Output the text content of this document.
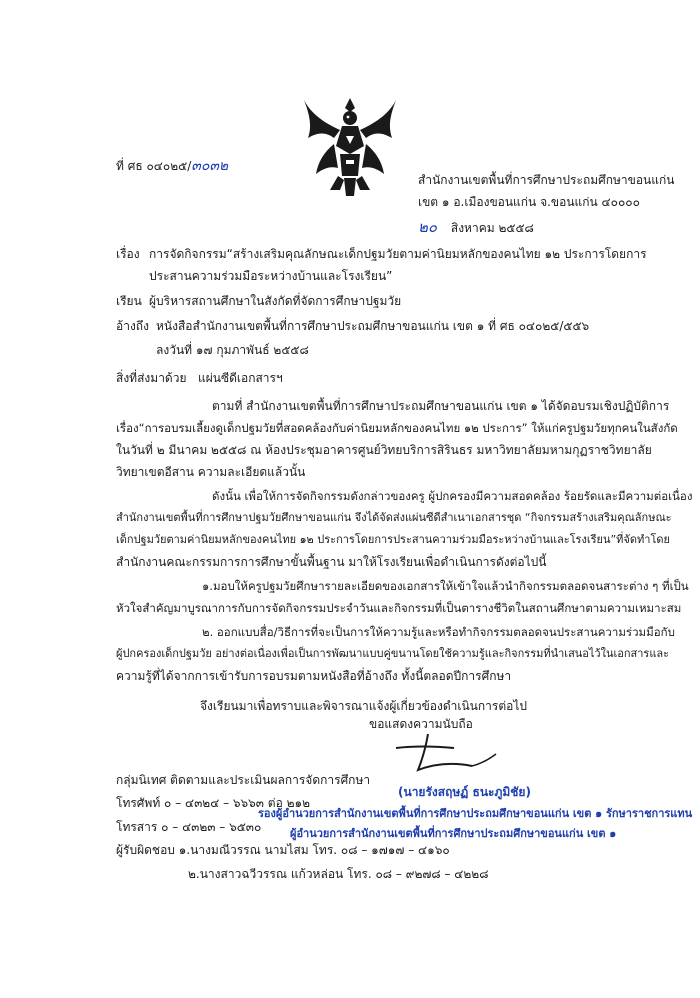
ที่ ศธ ๐๔๐๒๕/๓๐๓๒
สำนักงานเขตพื้นที่การศึกษาประถมศึกษาขอนแก่น
เขต ๑ อ.เมืองขอนแก่น จ.ขอนแก่น ๔๐๐๐๐
๒๐ สิงหาคม ๒๕๕๘
เรื่อง การจัดกิจกรรม“สร้างเสริมคุณลักษณะเด็กปฐมวัยตามค่านิยมหลักของคนไทย ๑๒ ประการโดยการ
ประสานความร่วมมือระหว่างบ้านและโรงเรียน”
เรียน ผู้บริหารสถานศึกษาในสังกัดที่จัดการศึกษาปฐมวัย
อ้างถึง หนังสือสำนักงานเขตพื้นที่การศึกษาประถมศึกษาขอนแก่น เขต ๑ ที่ ศธ ๐๔๐๒๕/๕๕๖
ลงวันที่ ๑๗ กุมภาพันธ์ ๒๕๕๘
สิ่งที่ส่งมาด้วย แผ่นซีดีเอกสารฯ
ตามที่ สำนักงานเขตพื้นที่การศึกษาประถมศึกษาขอนแก่น เขต ๑ ได้จัดอบรมเชิงปฏิบัติการ
เรื่อง“การอบรมเลี้ยงดูเด็กปฐมวัยที่สอดคล้องกับค่านิยมหลักของคนไทย ๑๒ ประการ” ให้แก่ครูปฐมวัยทุกคนในสังกัด
ในวันที่ ๒ มีนาคม ๒๕๕๘ ณ ห้องประชุมอาคารศูนย์วิทยบริการสิรินธร มหาวิทยาลัยมหามกุฏราชวิทยาลัย
วิทยาเขตอีสาน ความละเอียดแล้วนั้น
ดังนั้น เพื่อให้การจัดกิจกรรมดังกล่าวของครู ผู้ปกครองมีความสอดคล้อง ร้อยรัดและมีความต่อเนื่อง
สำนักงานเขตพื้นที่การศึกษาปฐมวัยศึกษาขอนแก่น จึงได้จัดส่งแผ่นซีดีสำเนาเอกสารชุด “กิจกรรมสร้างเสริมคุณลักษณะ
เด็กปฐมวัยตามค่านิยมหลักของคนไทย ๑๒ ประการโดยการประสานความร่วมมือระหว่างบ้านและโรงเรียน”ที่จัดทำโดย
สำนักงานคณะกรรมการการศึกษาขั้นพื้นฐาน มาให้โรงเรียนเพื่อดำเนินการดังต่อไปนี้
๑.มอบให้ครูปฐมวัยศึกษารายละเอียดของเอกสารให้เข้าใจแล้วนำกิจกรรมตลอดจนสาระต่าง ๆ ที่เป็น
หัวใจสำคัญมาบูรณาการกับการจัดกิจกรรมประจำวันและกิจกรรมที่เป็นตารางชีวิตในสถานศึกษาตามความเหมาะสม
๒. ออกแบบสื่อ/วิธีการที่จะเป็นการให้ความรู้และหรือทำกิจกรรมตลอดจนประสานความร่วมมือกับ
ผู้ปกครองเด็กปฐมวัย อย่างต่อเนื่องเพื่อเป็นการพัฒนาแบบคู่ขนานโดยใช้ความรู้และกิจกรรมที่นำเสนอไว้ในเอกสารและ
ความรู้ที่ได้จากการเข้ารับการอบรมตามหนังสือที่อ้างถึง ทั้งนี้ตลอดปีการศึกษา
จึงเรียนมาเพื่อทราบและพิจารณาแจ้งผู้เกี่ยวข้องดำเนินการต่อไป
ขอแสดงความนับถือ
(นายรังสฤษฏ์ ธนะภูมิชัย)
รองผู้อำนวยการสำนักงานเขตพื้นที่การศึกษาประถมศึกษาขอนแก่น เขต ๑ รักษาราชการแทน
ผู้อำนวยการสำนักงานเขตพื้นที่การศึกษาประถมศึกษาขอนแก่น เขต ๑
กลุ่มนิเทศ ติดตามและประเมินผลการจัดการศึกษา
โทรศัพท์ ๐ – ๔๓๒๔ – ๖๖๖๓ ต่อ ๒๑๒
โทรสาร ๐ – ๔๓๒๓ – ๖๕๓๐
ผู้รับผิดชอบ ๑.นางมณีวรรณ นามไสม โทร. ๐๘ – ๑๗๑๗ – ๔๑๖๐
๒.นางสาวฉวีวรรณ แก้วหล่อน โทร. ๐๘ – ๙๒๗๘ – ๔๒๒๘
